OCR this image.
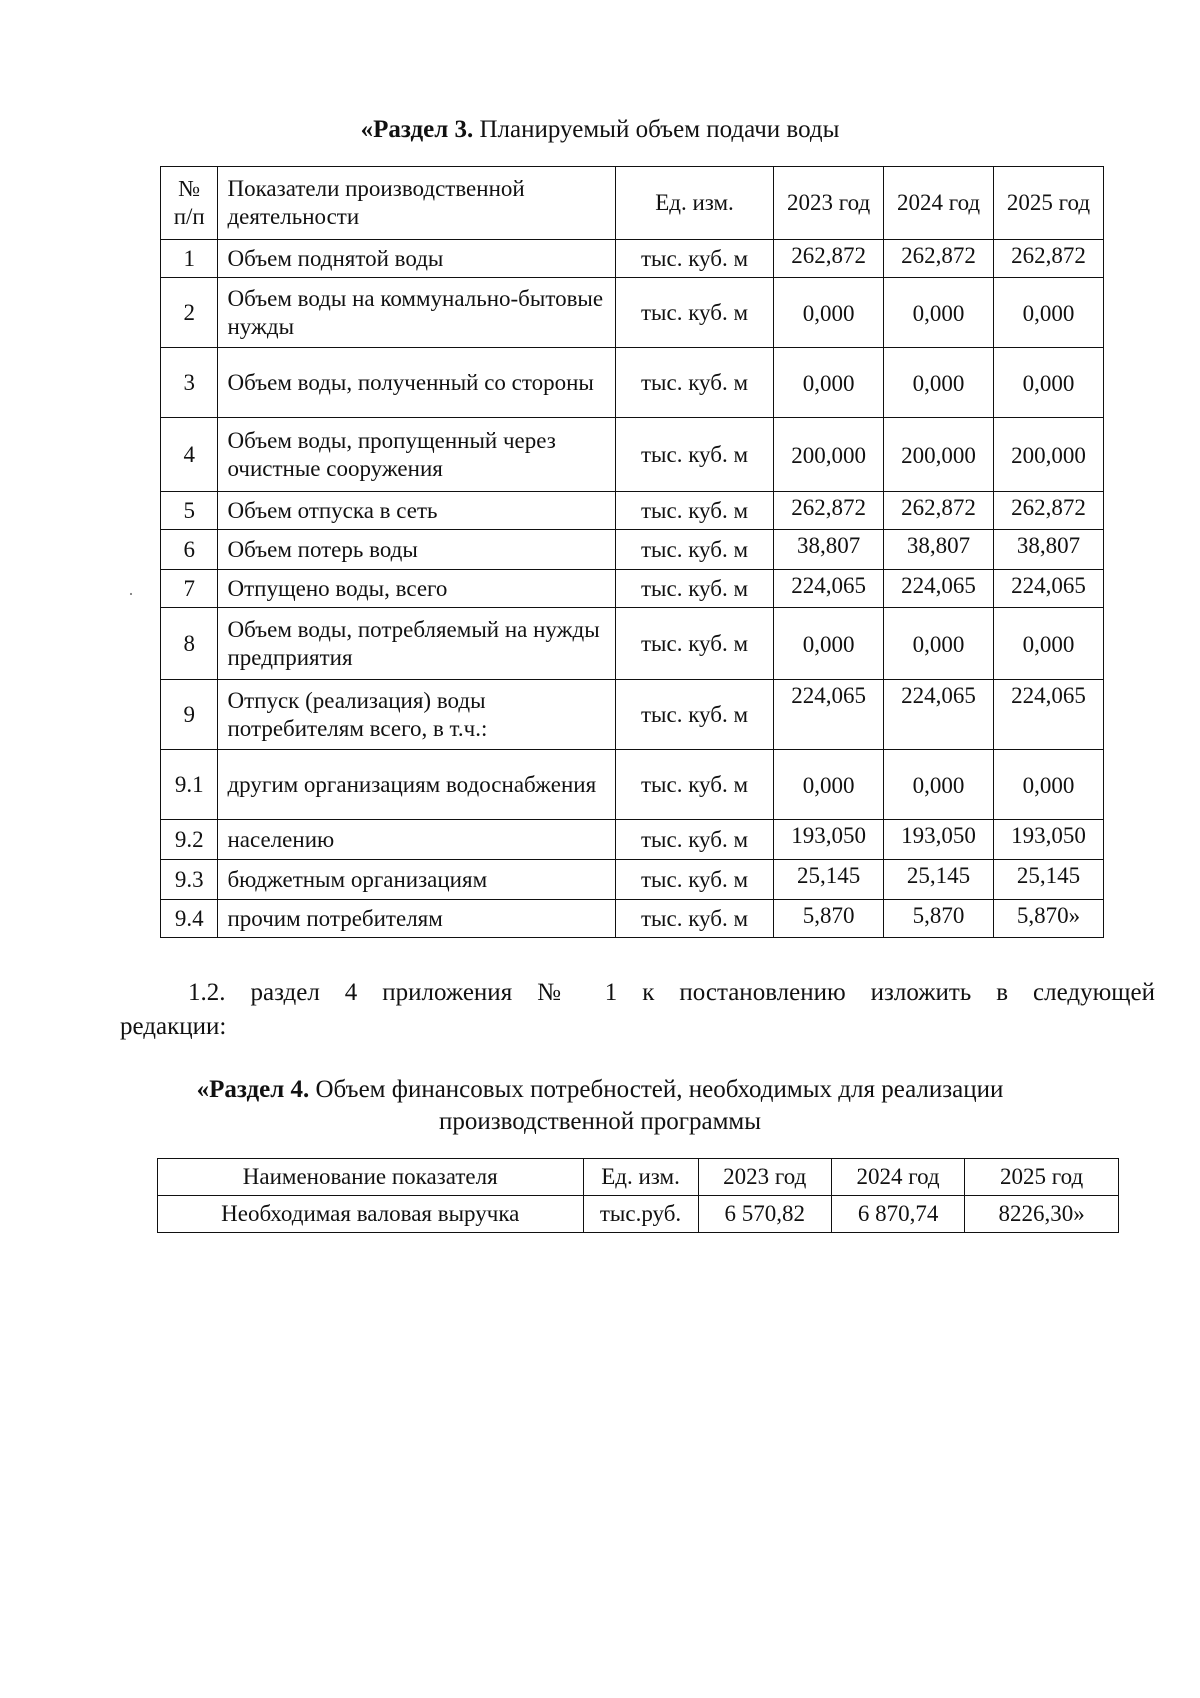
«Раздел 3. Планируемый объем подачи воды
№ п/п	Показатели производственной деятельности	Ед. изм.	2023 год	2024 год	2025 год
1	Объем поднятой воды	тыс. куб. м	262,872	262,872	262,872
2	Объем воды на коммунально-бытовые нужды	тыс. куб. м	0,000	0,000	0,000
3	Объем воды, полученный со стороны	тыс. куб. м	0,000	0,000	0,000
4	Объем воды, пропущенный через очистные сооружения	тыс. куб. м	200,000	200,000	200,000
5	Объем отпуска в сеть	тыс. куб. м	262,872	262,872	262,872
6	Объем потерь воды	тыс. куб. м	38,807	38,807	38,807
7	Отпущено воды, всего	тыс. куб. м	224,065	224,065	224,065
8	Объем воды, потребляемый на нужды предприятия	тыс. куб. м	0,000	0,000	0,000
9	Отпуск (реализация) воды потребителям всего, в т.ч.:	тыс. куб. м	224,065	224,065	224,065
9.1	другим организациям водоснабжения	тыс. куб. м	0,000	0,000	0,000
9.2	населению	тыс. куб. м	193,050	193,050	193,050
9.3	бюджетным организациям	тыс. куб. м	25,145	25,145	25,145
9.4	прочим потребителям	тыс. куб. м	5,870	5,870	5,870»
1.2. раздел 4 приложения № 1 к постановлению изложить в следующей
редакции:
«Раздел 4. Объем финансовых потребностей, необходимых для реализации
производственной программы
Наименование показателя	Ед. изм.	2023 год	2024 год	2025 год
Необходимая валовая выручка	тыс.руб.	6 570,82	6 870,74	8226,30»
·
